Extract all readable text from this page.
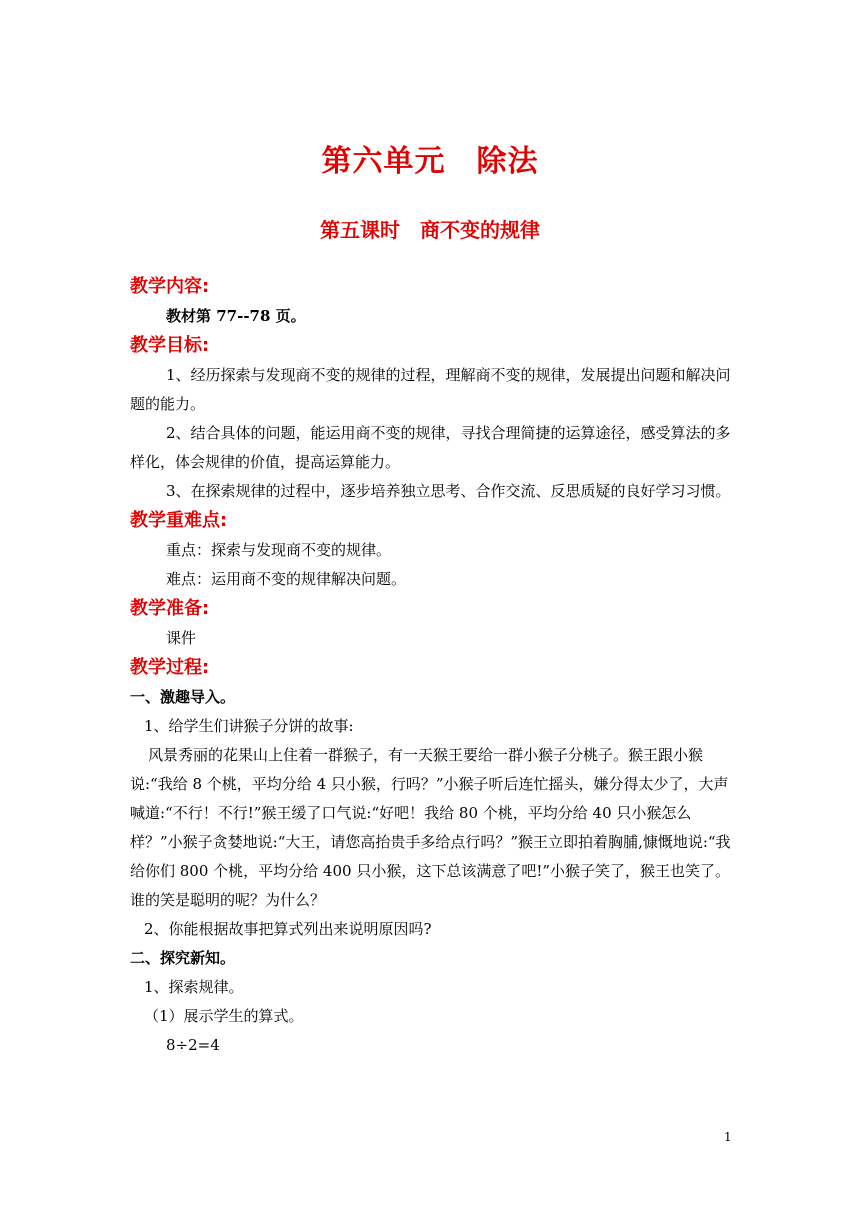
第六单元　除法
第五课时　商不变的规律

教学内容:

教材第 77--78 页。

教学目标:

1、经历探索与发现商不变的规律的过程，理解商不变的规律，发展提出问题和解决问题的能力。

2、结合具体的问题，能运用商不变的规律，寻找合理简捷的运算途径，感受算法的多样化，体会规律的价值，提高运算能力。

3、在探索规律的过程中，逐步培养独立思考、合作交流、反思质疑的良好学习习惯。

教学重难点:

重点：探索与发现商不变的规律。

难点：运用商不变的规律解决问题。

教学准备:

课件

教学过程:

一、激趣导入。

1、给学生们讲猴子分饼的故事:

风景秀丽的花果山上住着一群猴子，有一天猴王要给一群小猴子分桃子。猴王跟小猴说:“我给 8 个桃，平均分给 4 只小猴，行吗？”小猴子听后连忙摇头，嫌分得太少了，大声喊道:“不行！不行!”猴王缓了口气说:“好吧！我给 80 个桃，平均分给 40 只小猴怎么样？”小猴子贪婪地说:“大王，请您高抬贵手多给点行吗？”猴王立即拍着胸脯,慷慨地说:“我给你们 800 个桃，平均分给 400 只小猴，这下总该满意了吧!”小猴子笑了，猴王也笑了。谁的笑是聪明的呢？为什么？

2、你能根据故事把算式列出来说明原因吗?

二、探究新知。

1、探索规律。

（1）展示学生的算式。

8÷2=4

1
